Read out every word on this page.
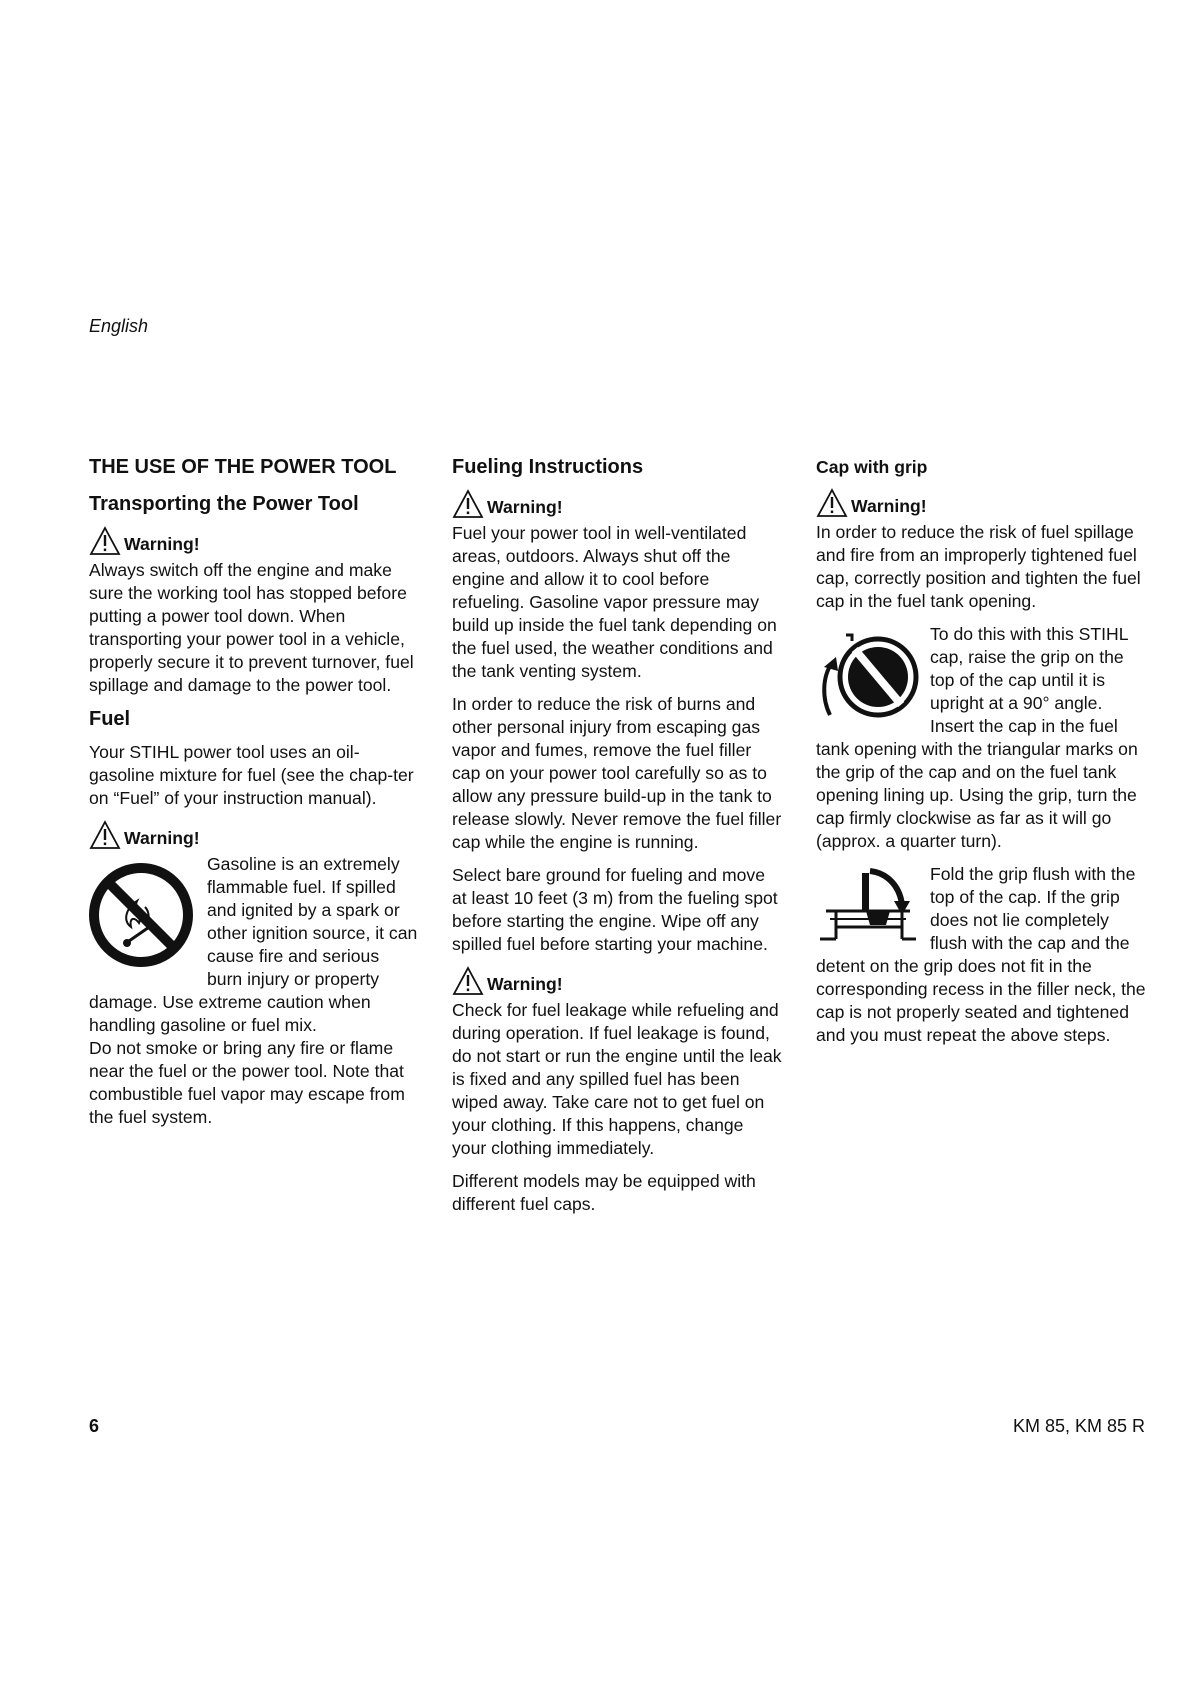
English
THE USE OF THE POWER TOOL
Transporting the Power Tool
Warning!

Always switch off the engine and make sure the working tool has stopped before putting a power tool down. When transporting your power tool in a vehicle, properly secure it to prevent turnover, fuel spillage and damage to the power tool.

Fuel

Your STIHL power tool uses an oil-gasoline mixture for fuel (see the chap-ter on “Fuel” of your instruction manual).

Warning!
Gasoline is an extremely flammable fuel. If spilled and ignited by a spark or other ignition source, it can cause fire and serious burn injury or property damage. Use extreme caution when handling gasoline or fuel mix.
Do not smoke or bring any fire or flame near the fuel or the power tool. Note that combustible fuel vapor may escape from the fuel system.
Fueling Instructions
Warning!

Fuel your power tool in well-ventilated areas, outdoors. Always shut off the engine and allow it to cool before refueling. Gasoline vapor pressure may build up inside the fuel tank depending on the fuel used, the weather conditions and the tank venting system.

In order to reduce the risk of burns and other personal injury from escaping gas vapor and fumes, remove the fuel filler cap on your power tool carefully so as to allow any pressure build-up in the tank to release slowly. Never remove the fuel filler cap while the engine is running.

Select bare ground for fueling and move at least 10 feet (3 m) from the fueling spot before starting the engine. Wipe off any spilled fuel before starting your machine.

Warning!

Check for fuel leakage while refueling and during operation. If fuel leakage is found, do not start or run the engine until the leak is fixed and any spilled fuel has been wiped away. Take care not to get fuel on your clothing. If this happens, change your clothing immediately.

Different models may be equipped with different fuel caps.

Cap with grip
Warning!

In order to reduce the risk of fuel spillage and fire from an improperly tightened fuel cap, correctly position and tighten the fuel cap in the fuel tank opening.

To do this with this STIHL cap, raise the grip on the top of the cap until it is upright at a 90° angle. Insert the cap in the fuel tank opening with the triangular marks on the grip of the cap and on the fuel tank opening lining up. Using the grip, turn the cap firmly clockwise as far as it will go (approx. a quarter turn).
Fold the grip flush with the top of the cap. If the grip does not lie completely flush with the cap and the detent on the grip does not fit in the corresponding recess in the filler neck, the cap is not properly seated and tightened and you must repeat the above steps.
6	KM 85, KM 85 R
